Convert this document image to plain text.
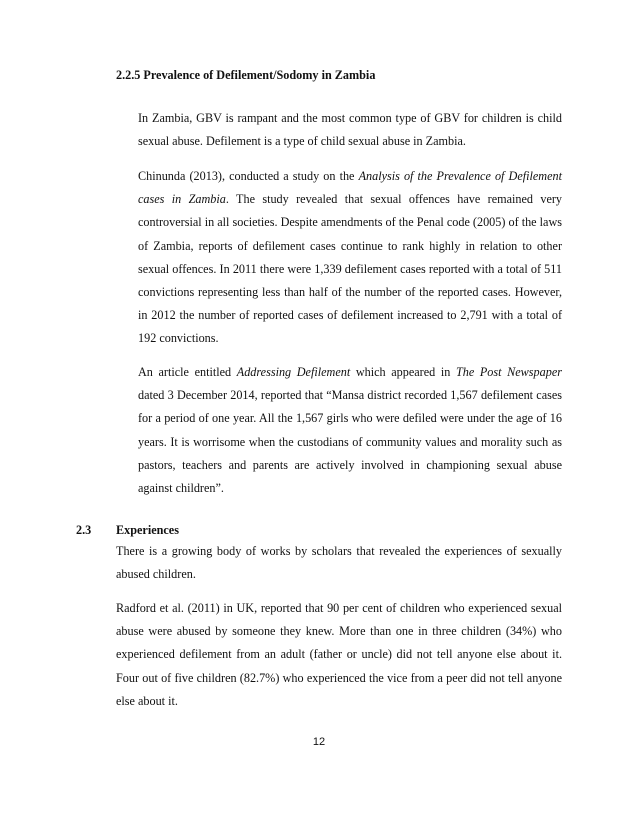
2.2.5 Prevalence of Defilement/Sodomy in Zambia

In Zambia, GBV is rampant and the most common type of GBV for children is child sexual abuse. Defilement is a type of child sexual abuse in Zambia.

Chinunda (2013), conducted a study on the Analysis of the Prevalence of Defilement cases in Zambia. The study revealed that sexual offences have remained very controversial in all societies. Despite amendments of the Penal code (2005) of the laws of Zambia, reports of defilement cases continue to rank highly in relation to other sexual offences. In 2011 there were 1,339 defilement cases reported with a total of 511 convictions representing less than half of the number of the reported cases. However, in 2012 the number of reported cases of defilement increased to 2,791 with a total of 192 convictions.

An article entitled Addressing Defilement which appeared in The Post Newspaper dated 3 December 2014, reported that “Mansa district recorded 1,567 defilement cases for a period of one year. All the 1,567 girls who were defiled were under the age of 16 years. It is worrisome when the custodians of community values and morality such as pastors, teachers and parents are actively involved in championing sexual abuse against children”.

2.3 Experiences

There is a growing body of works by scholars that revealed the experiences of sexually abused children.

Radford et al. (2011) in UK, reported that 90 per cent of children who experienced sexual abuse were abused by someone they knew. More than one in three children (34%) who experienced defilement from an adult (father or uncle) did not tell anyone else about it. Four out of five children (82.7%) who experienced the vice from a peer did not tell anyone else about it.

12
